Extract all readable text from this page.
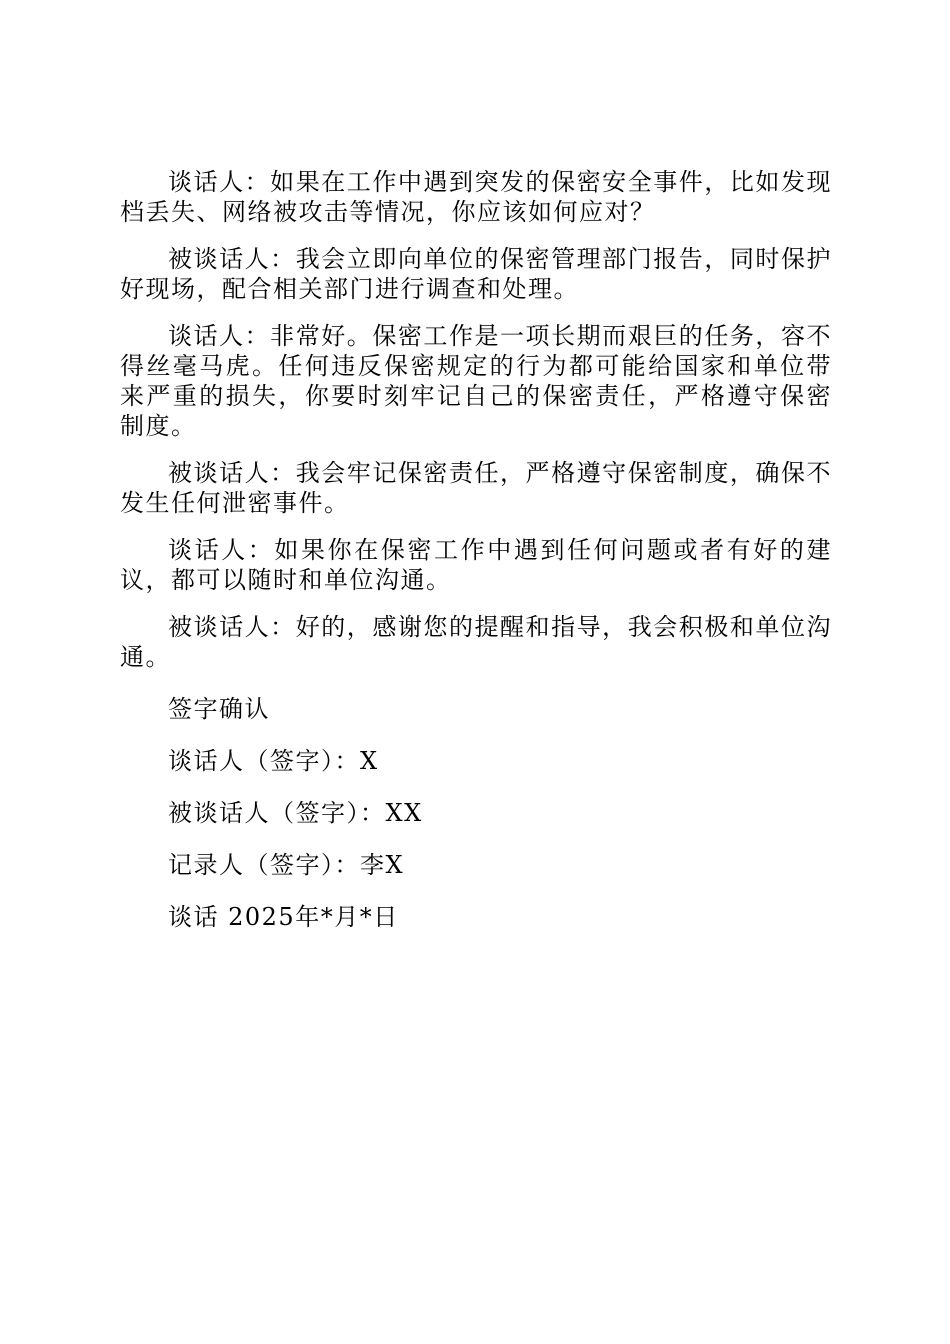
谈话人：如果在工作中遇到突发的保密安全事件，比如发现档丢失、网络被攻击等情况，你应该如何应对？

被谈话人：我会立即向单位的保密管理部门报告，同时保护好现场，配合相关部门进行调查和处理。

谈话人：非常好。保密工作是一项长期而艰巨的任务，容不得丝毫马虎。任何违反保密规定的行为都可能给国家和单位带来严重的损失，你要时刻牢记自己的保密责任，严格遵守保密制度。

被谈话人：我会牢记保密责任，严格遵守保密制度，确保不发生任何泄密事件。

谈话人：如果你在保密工作中遇到任何问题或者有好的建议，都可以随时和单位沟通。

被谈话人：好的，感谢您的提醒和指导，我会积极和单位沟通。

签字确认

谈话人（签字）：X

被谈话人（签字）：XX

记录人（签字）：李X

谈话 2025年*月*日
